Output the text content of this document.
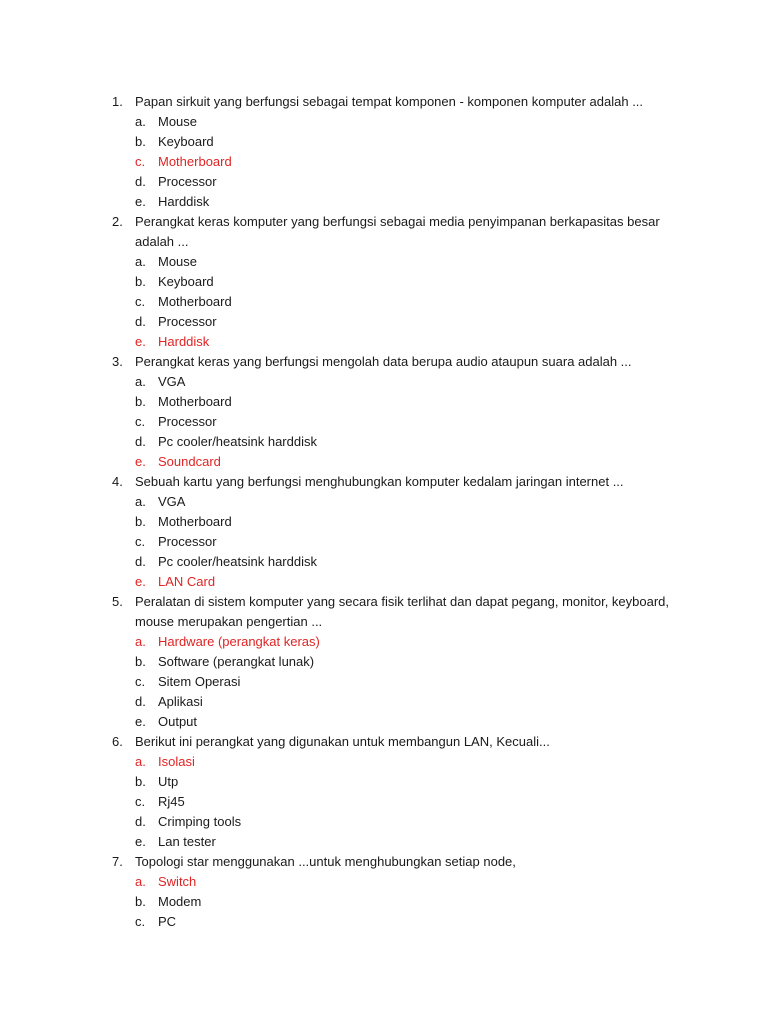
1. Papan sirkuit yang berfungsi sebagai tempat komponen - komponen komputer adalah ...
a. Mouse
b. Keyboard
c. Motherboard
d. Processor
e. Harddisk
2. Perangkat keras komputer yang berfungsi sebagai media penyimpanan berkapasitas besar adalah ...
a. Mouse
b. Keyboard
c. Motherboard
d. Processor
e. Harddisk
3. Perangkat keras yang berfungsi mengolah data berupa audio ataupun suara adalah ...
a. VGA
b. Motherboard
c. Processor
d. Pc cooler/heatsink harddisk
e. Soundcard
4. Sebuah kartu yang berfungsi menghubungkan komputer kedalam jaringan internet ...
a. VGA
b. Motherboard
c. Processor
d. Pc cooler/heatsink harddisk
e. LAN Card
5. Peralatan di sistem komputer yang secara fisik terlihat dan dapat pegang, monitor, keyboard, mouse merupakan pengertian ...
a. Hardware (perangkat keras)
b. Software (perangkat lunak)
c. Sitem Operasi
d. Aplikasi
e. Output
6. Berikut ini perangkat yang digunakan untuk membangun LAN, Kecuali...
a. Isolasi
b. Utp
c. Rj45
d. Crimping tools
e. Lan tester
7. Topologi star menggunakan ...untuk menghubungkan setiap node,
a. Switch
b. Modem
c. PC
